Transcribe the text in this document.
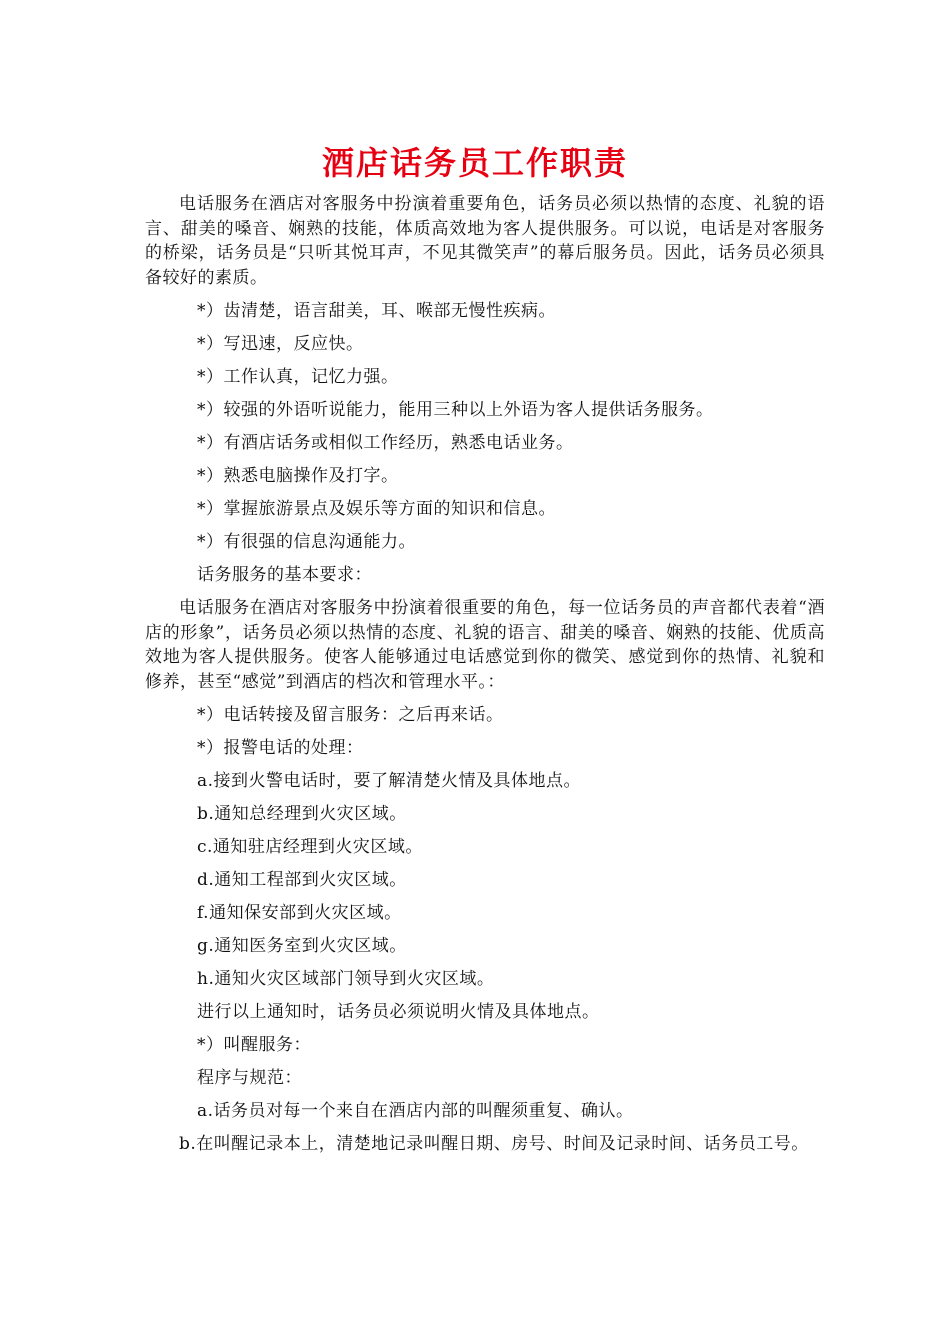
酒店话务员工作职责

电话服务在酒店对客服务中扮演着重要角色，话务员必须以热情的态度、礼貌的语言、甜美的嗓音、娴熟的技能，体质高效地为客人提供服务。可以说，电话是对客服务的桥梁，话务员是“只听其悦耳声，不见其微笑声”的幕后服务员。因此，话务员必须具备较好的素质。

*）齿清楚，语言甜美，耳、喉部无慢性疾病。

*）写迅速，反应快。

*）工作认真，记忆力强。

*）较强的外语听说能力，能用三种以上外语为客人提供话务服务。

*）有酒店话务或相似工作经历，熟悉电话业务。

*）熟悉电脑操作及打字。

*）掌握旅游景点及娱乐等方面的知识和信息。

*）有很强的信息沟通能力。

话务服务的基本要求：

电话服务在酒店对客服务中扮演着很重要的角色，每一位话务员的声音都代表着“酒店的形象”，话务员必须以热情的态度、礼貌的语言、甜美的嗓音、娴熟的技能、优质高效地为客人提供服务。使客人能够通过电话感觉到你的微笑、感觉到你的热情、礼貌和修养，甚至“感觉”到酒店的档次和管理水平。：

*）电话转接及留言服务：之后再来话。

*）报警电话的处理：

a.接到火警电话时，要了解清楚火情及具体地点。

b.通知总经理到火灾区域。

c.通知驻店经理到火灾区域。

d.通知工程部到火灾区域。

f.通知保安部到火灾区域。

g.通知医务室到火灾区域。

h.通知火灾区域部门领导到火灾区域。

进行以上通知时，话务员必须说明火情及具体地点。

*）叫醒服务：

程序与规范：

a.话务员对每一个来自在酒店内部的叫醒须重复、确认。

b.在叫醒记录本上，清楚地记录叫醒日期、房号、时间及记录时间、话务员工号。
